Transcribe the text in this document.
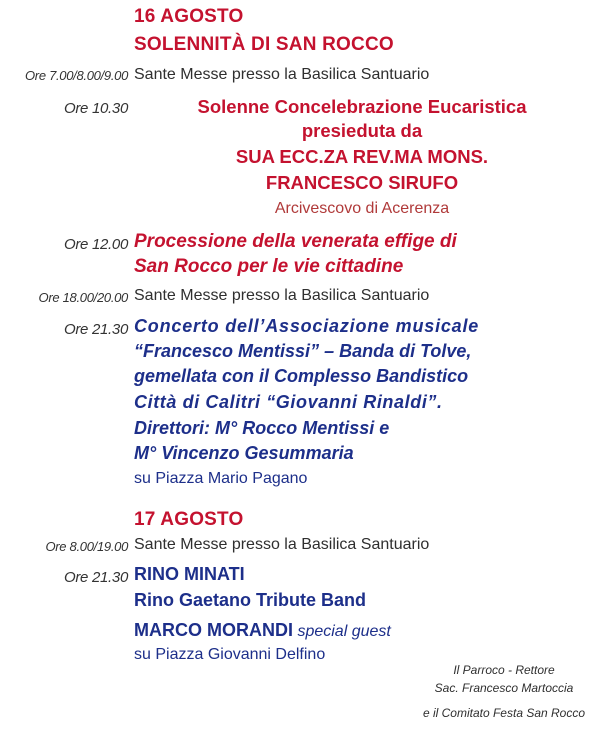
16 AGOSTO
SOLENNITÀ DI SAN ROCCO
Ore 7.00/8.00/9.00 Sante Messe presso la Basilica Santuario
Ore 10.30	Solenne Concelebrazione Eucaristica
presieduta da
SUA ECC.ZA REV.MA MONS.
FRANCESCO SIRUFO
Arcivescovo di Acerenza
Ore 12.00 Processione della venerata effige di
San Rocco per le vie cittadine
Ore 18.00/20.00 Sante Messe presso la Basilica Santuario
Ore 21.30 Concerto dell’Associazione musicale
“Francesco Mentissi” – Banda di Tolve,
gemellata con il Complesso Bandistico
Città di Calitri “Giovanni Rinaldi”.
Direttori: M° Rocco Mentissi e
M° Vincenzo Gesummaria
su Piazza Mario Pagano
17 AGOSTO
Ore 8.00/19.00 Sante Messe presso la Basilica Santuario
Ore 21.30 RINO MINATI
Rino Gaetano Tribute Band
MARCO MORANDI special guest
su Piazza Giovanni Delfino
Il Parroco - Rettore
Sac. Francesco Martoccia
e il Comitato Festa San Rocco
